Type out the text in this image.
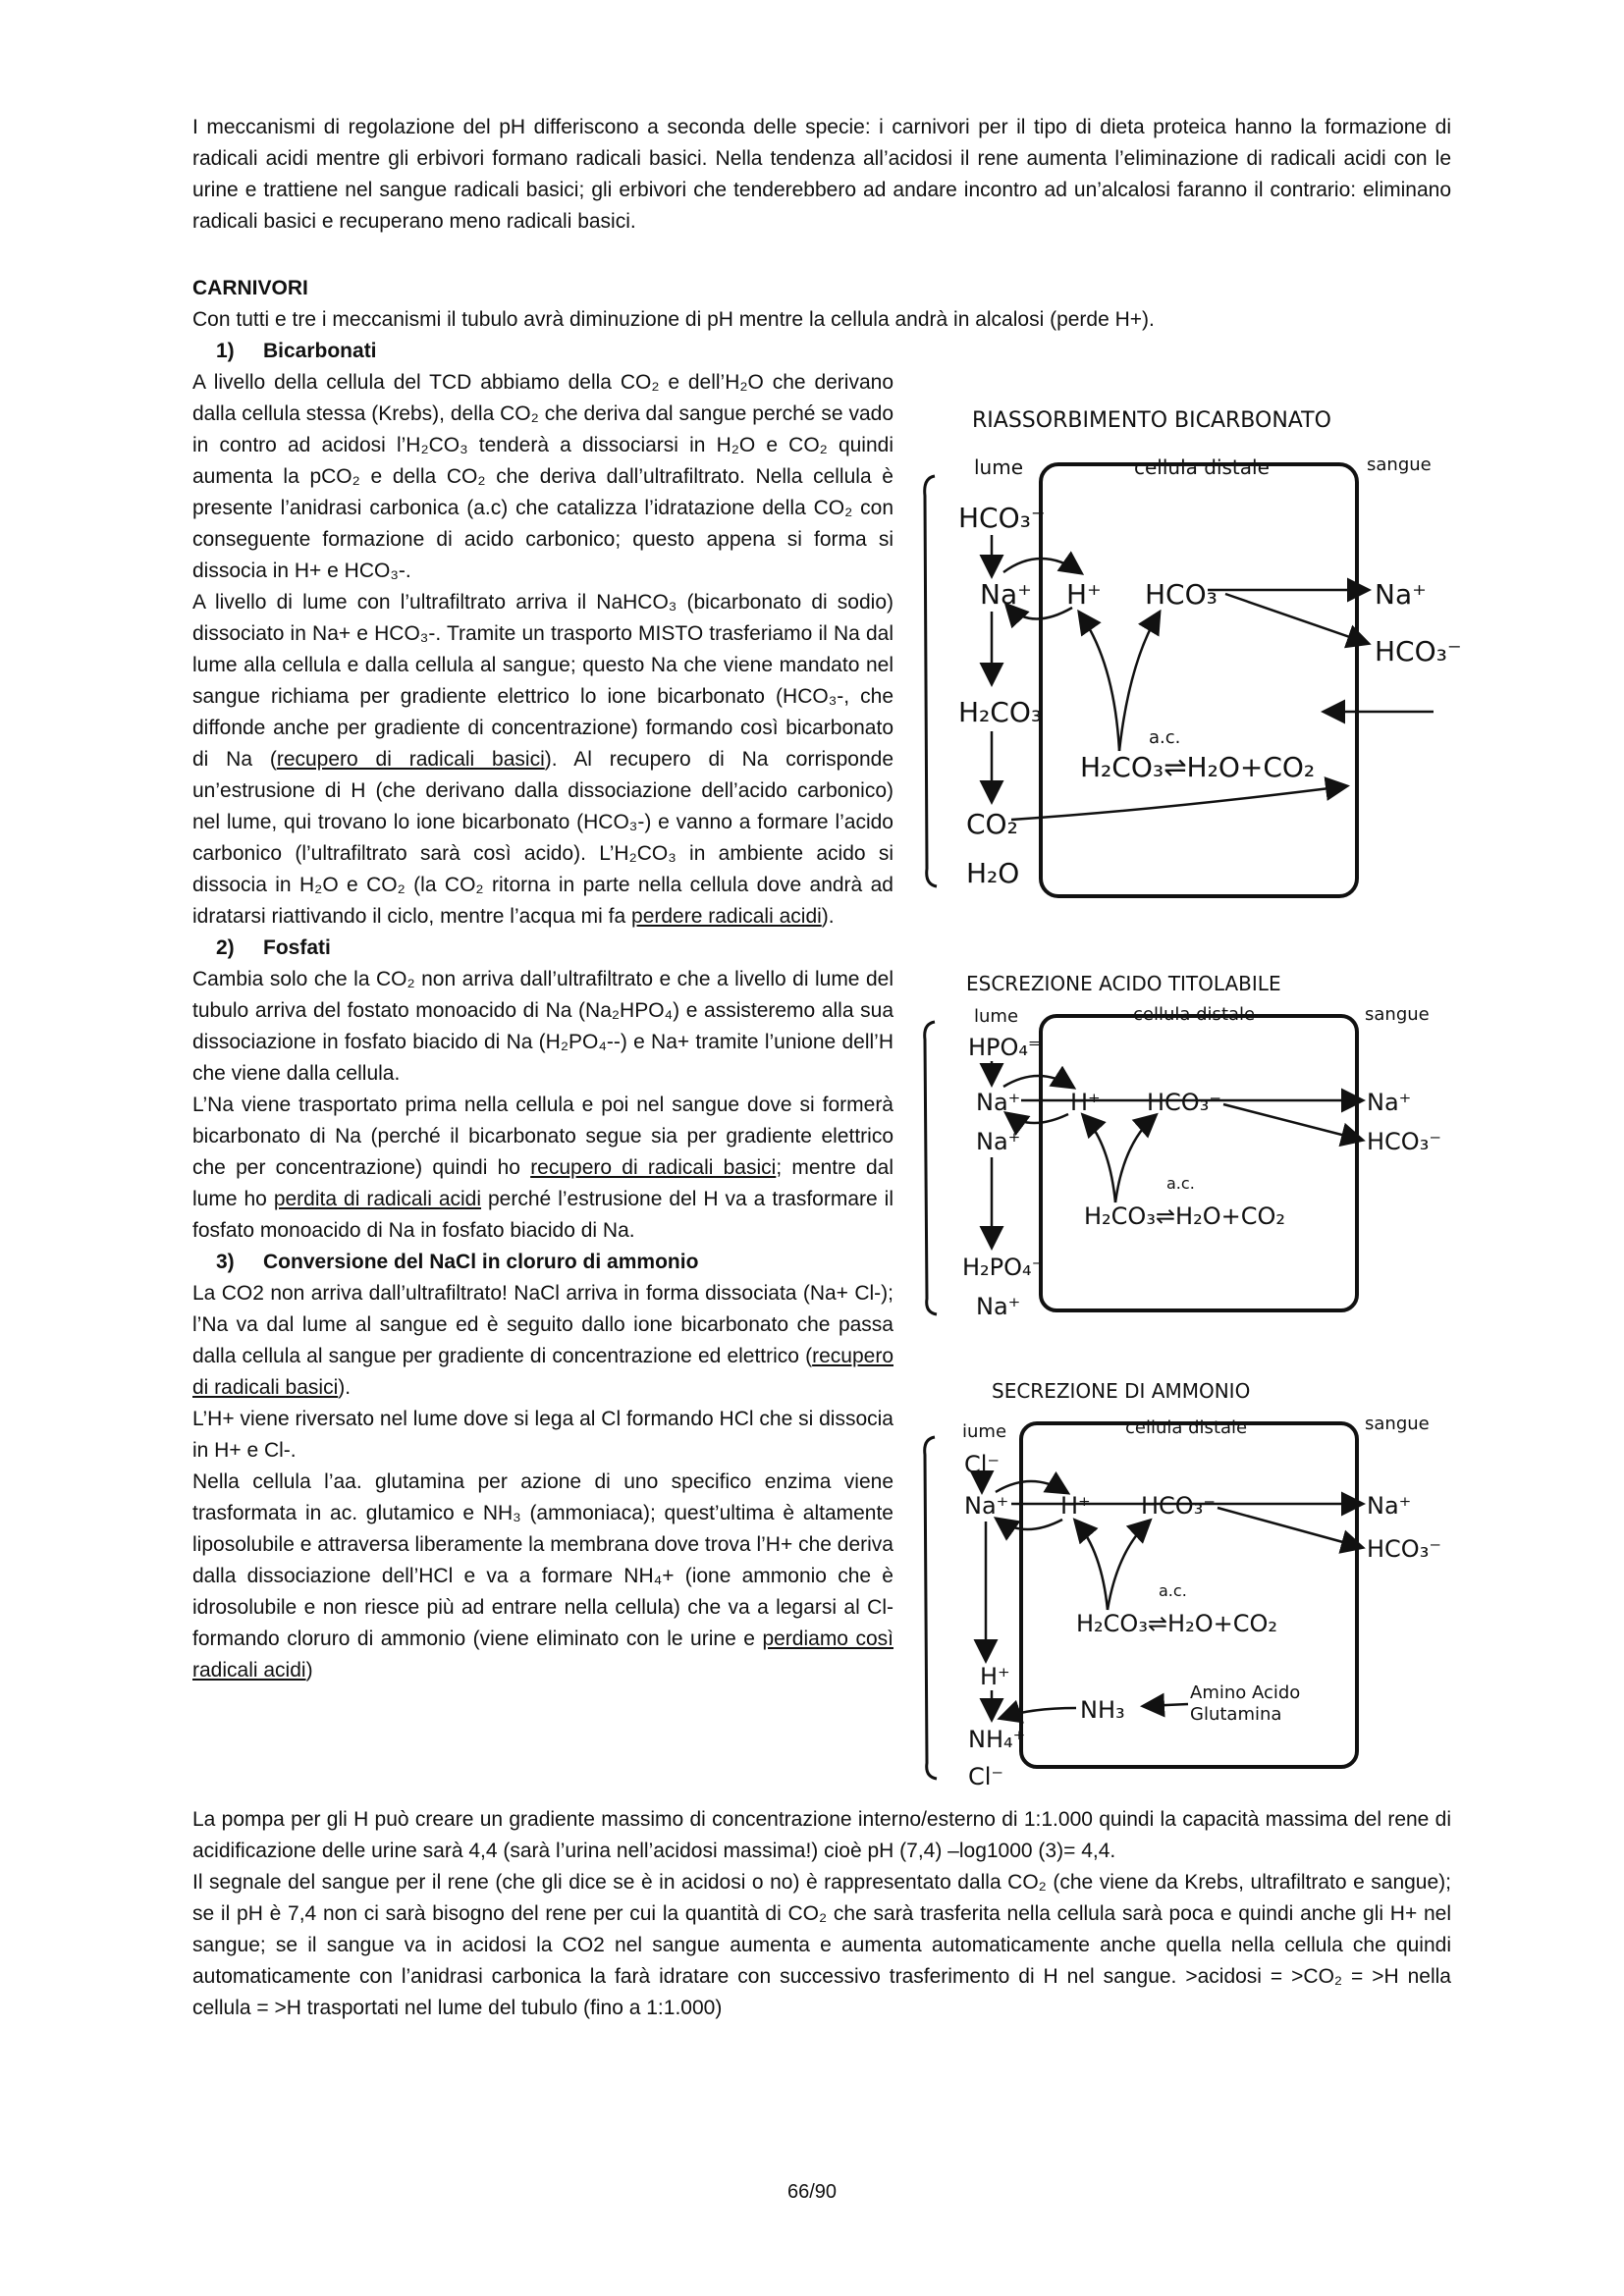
I meccanismi di regolazione del pH differiscono a seconda delle specie: i carnivori per il tipo di dieta proteica hanno la formazione di radicali acidi mentre gli erbivori formano radicali basici. Nella tendenza all’acidosi il rene aumenta l’eliminazione di radicali acidi con le urine e trattiene nel sangue radicali basici; gli erbivori che tenderebbero ad andare incontro ad un’alcalosi faranno il contrario: eliminano radicali basici e recuperano meno radicali basici.

CARNIVORI

Con tutti e tre i meccanismi il tubulo avrà diminuzione di pH mentre la cellula andrà in alcalosi (perde H+).

1) Bicarbonati

A livello della cellula del TCD abbiamo della CO₂ e dell’H₂O che derivano dalla cellula stessa (Krebs), della CO₂ che deriva dal sangue perché se vado in contro ad acidosi l’H₂CO₃ tenderà a dissociarsi in H₂O e CO₂ quindi aumenta la pCO₂ e della CO₂ che deriva dall’ultrafiltrato. Nella cellula è presente l’anidrasi carbonica (a.c) che catalizza l’idratazione della CO₂ con conseguente formazione di acido carbonico; questo appena si forma si dissocia in H+ e HCO₃-.

A livello di lume con l’ultrafiltrato arriva il NaHCO₃ (bicarbonato di sodio) dissociato in Na+ e HCO₃-. Tramite un trasporto MISTO trasferiamo il Na dal lume alla cellula e dalla cellula al sangue; questo Na che viene mandato nel sangue richiama per gradiente elettrico lo ione bicarbonato (HCO₃-, che diffonde anche per gradiente di concentrazione) formando così bicarbonato di Na (recupero di radicali basici). Al recupero di Na corrisponde un’estrusione di H (che derivano dalla dissociazione dell’acido carbonico) nel lume, qui trovano lo ione bicarbonato (HCO₃-) e vanno a formare l’acido carbonico (l’ultrafiltrato sarà così acido). L’H₂CO₃ in ambiente acido si dissocia in H₂O e CO₂ (la CO₂ ritorna in parte nella cellula dove andrà ad idratarsi riattivando il ciclo, mentre l’acqua mi fa perdere radicali acidi).

2) Fosfati

Cambia solo che la CO₂ non arriva dall’ultrafiltrato e che a livello di lume del tubulo arriva del fostato monoacido di Na (Na₂HPO₄) e assisteremo alla sua dissociazione in fosfato biacido di Na (H₂PO₄--) e Na+ tramite l’unione dell’H che viene dalla cellula.

L’Na viene trasportato prima nella cellula e poi nel sangue dove si formerà bicarbonato di Na (perché il bicarbonato segue sia per gradiente elettrico che per concentrazione) quindi ho recupero di radicali basici; mentre dal lume ho perdita di radicali acidi perché l’estrusione del H va a trasformare il fosfato monoacido di Na in fosfato biacido di Na.

3) Conversione del NaCl in cloruro di ammonio

La CO2 non arriva dall’ultrafiltrato! NaCl arriva in forma dissociata (Na+ Cl-); l’Na va dal lume al sangue ed è seguito dallo ione bicarbonato che passa dalla cellula al sangue per gradiente di concentrazione ed elettrico (recupero di radicali basici).

L’H+ viene riversato nel lume dove si lega al Cl formando HCl che si dissocia in H+ e Cl-.

Nella cellula l’aa. glutamina per azione di uno specifico enzima viene trasformata in ac. glutamico e NH₃ (ammoniaca); quest’ultima è altamente liposolubile e attraversa liberamente la membrana dove trova l’H+ che deriva dalla dissociazione dell’HCl e va a formare NH₄+ (ione ammonio che è idrosolubile e non riesce più ad entrare nella cellula) che va a legarsi al Cl- formando cloruro di ammonio (viene eliminato con le urine e perdiamo così radicali acidi)

La pompa per gli H può creare un gradiente massimo di concentrazione interno/esterno di 1:1.000 quindi la capacità massima del rene di acidificazione delle urine sarà 4,4 (sarà l’urina nell’acidosi massima!) cioè pH (7,4) –log1000 (3)= 4,4.

Il segnale del sangue per il rene (che gli dice se è in acidosi o no) è rappresentato dalla CO₂ (che viene da Krebs, ultrafiltrato e sangue); se il pH è 7,4 non ci sarà bisogno del rene per cui la quantità di CO₂ che sarà trasferita nella cellula sarà poca e quindi anche gli H+ nel sangue; se il sangue va in acidosi la CO2 nel sangue aumenta e aumenta automaticamente anche quella nella cellula che quindi automaticamente con l’anidrasi carbonica la farà idratare con successivo trasferimento di H nel sangue. >acidosi = >CO₂ = >H nella cellula = >H trasportati nel lume del tubulo (fino a 1:1.000)

RIASSORBIMENTO BICARBONATO
lume	cellula distale	sangue
HCO₃⁻
Na⁺ H⁺ HCO₃⁻	Na⁺
HCO₃⁻
H₂CO₃
a.c.
H₂CO₃⇌H₂O+CO₂
CO₂
H₂O
ESCREZIONE ACIDO TITOLABILE
lume	cellula distale	sangue
HPO₄⁼
Na⁺
Na⁺
H⁺ HCO₃⁻	Na⁺
HCO₃⁻
a.c.
H₂CO₃⇌H₂O+CO₂
H₂PO₄⁻
Na⁺
SECREZIONE DI AMMONIO
iume	cellula distale	sangue
Cl⁻
Na⁺ H⁺ HCO₃⁻	Na⁺
HCO₃⁻
a.c.
H₂CO₃⇌H₂O+CO₂
H⁺
NH₃
Amino Acido
Glutamina
NH₄⁺
Cl⁻
66/90
